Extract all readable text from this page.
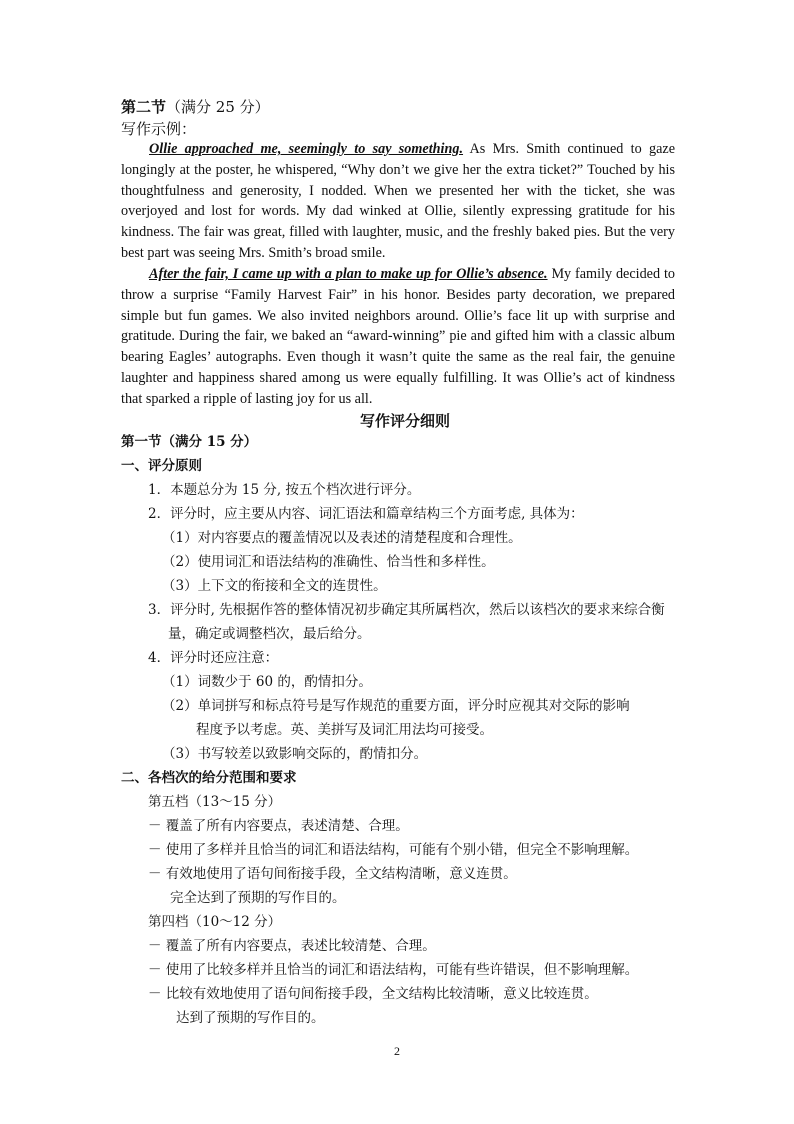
第二节（满分 25 分）
写作示例：
Ollie approached me, seemingly to say something. As Mrs. Smith continued to gaze longingly at the poster, he whispered, “Why don’t we give her the extra ticket?” Touched by his thoughtfulness and generosity, I nodded. When we presented her with the ticket, she was overjoyed and lost for words. My dad winked at Ollie, silently expressing gratitude for his kindness. The fair was great, filled with laughter, music, and the freshly baked pies. But the very best part was seeing Mrs. Smith’s broad smile.
After the fair, I came up with a plan to make up for Ollie’s absence. My family decided to throw a surprise “Family Harvest Fair” in his honor. Besides party decoration, we prepared simple but fun games. We also invited neighbors around. Ollie’s face lit up with surprise and gratitude. During the fair, we baked an “award-winning” pie and gifted him with a classic album bearing Eagles’ autographs. Even though it wasn’t quite the same as the real fair, the genuine laughter and happiness shared among us were equally fulfilling. It was Ollie’s act of kindness that sparked a ripple of lasting joy for us all.
写作评分细则
第一节（满分 15 分）
一、评分原则
1．本题总分为 15 分, 按五个档次进行评分。
2．评分时，应主要从内容、词汇语法和篇章结构三个方面考虑, 具体为：
（1）对内容要点的覆盖情况以及表述的清楚程度和合理性。
（2）使用词汇和语法结构的准确性、恰当性和多样性。
（3）上下文的衔接和全文的连贯性。
3．评分时, 先根据作答的整体情况初步确定其所属档次，然后以该档次的要求来综合衡
量，确定或调整档次，最后给分。
4．评分时还应注意：
（1）词数少于 60 的，酌情扣分。
（2）单词拼写和标点符号是写作规范的重要方面，评分时应视其对交际的影响
程度予以考虑。英、美拼写及词汇用法均可接受。
（3）书写较差以致影响交际的，酌情扣分。
二、各档次的给分范围和要求
第五档（13～15 分）
－ 覆盖了所有内容要点，表述清楚、合理。
－ 使用了多样并且恰当的词汇和语法结构，可能有个别小错，但完全不影响理解。
－ 有效地使用了语句间衔接手段，全文结构清晰，意义连贯。
完全达到了预期的写作目的。
第四档（10～12 分）
－ 覆盖了所有内容要点，表述比较清楚、合理。
－ 使用了比较多样并且恰当的词汇和语法结构，可能有些许错误，但不影响理解。
－ 比较有效地使用了语句间衔接手段，全文结构比较清晰，意义比较连贯。
达到了预期的写作目的。
2
